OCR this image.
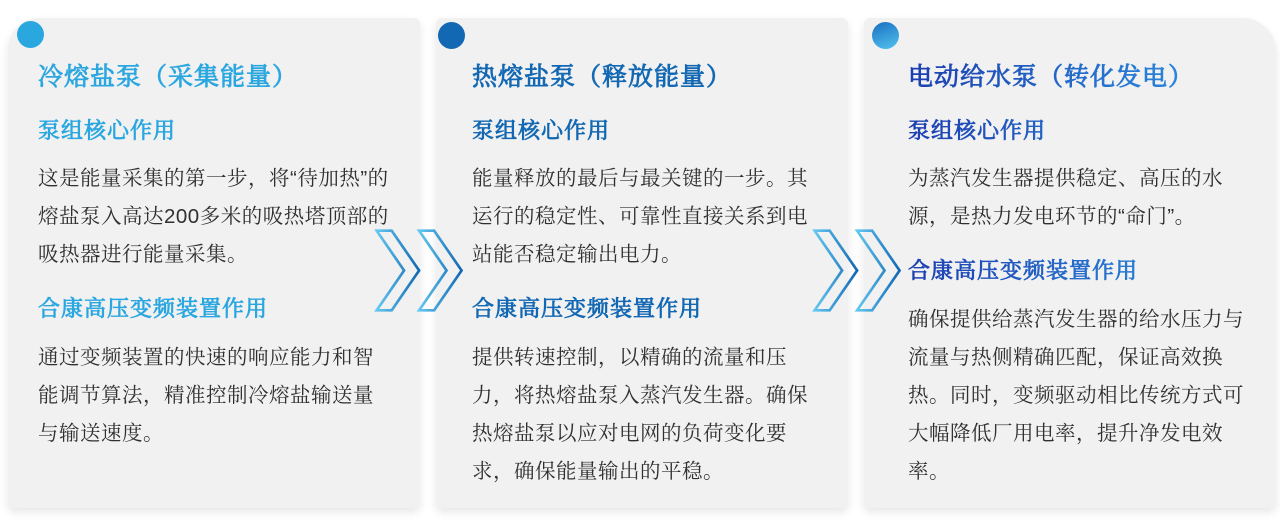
冷熔盐泵（采集能量）
泵组核心作用

这是能量采集的第一步，将“待加热”的熔盐泵入高达200多米的吸热塔顶部的吸热器进行能量采集。

合康高压变频装置作用

通过变频装置的快速的响应能力和智能调节算法，精准控制冷熔盐输送量与输送速度。

热熔盐泵（释放能量）
泵组核心作用

能量释放的最后与最关键的一步。其运行的稳定性、可靠性直接关系到电站能否稳定输出电力。

合康高压变频装置作用

提供转速控制，以精确的流量和压力，将热熔盐泵入蒸汽发生器。确保热熔盐泵以应对电网的负荷变化要求，确保能量输出的平稳。

电动给水泵（转化发电）
泵组核心作用

为蒸汽发生器提供稳定、高压的水源，是热力发电环节的“命门”。

合康高压变频装置作用

确保提供给蒸汽发生器的给水压力与流量与热侧精确匹配，保证高效换热。同时，变频驱动相比传统方式可大幅降低厂用电率，提升净发电效率。
